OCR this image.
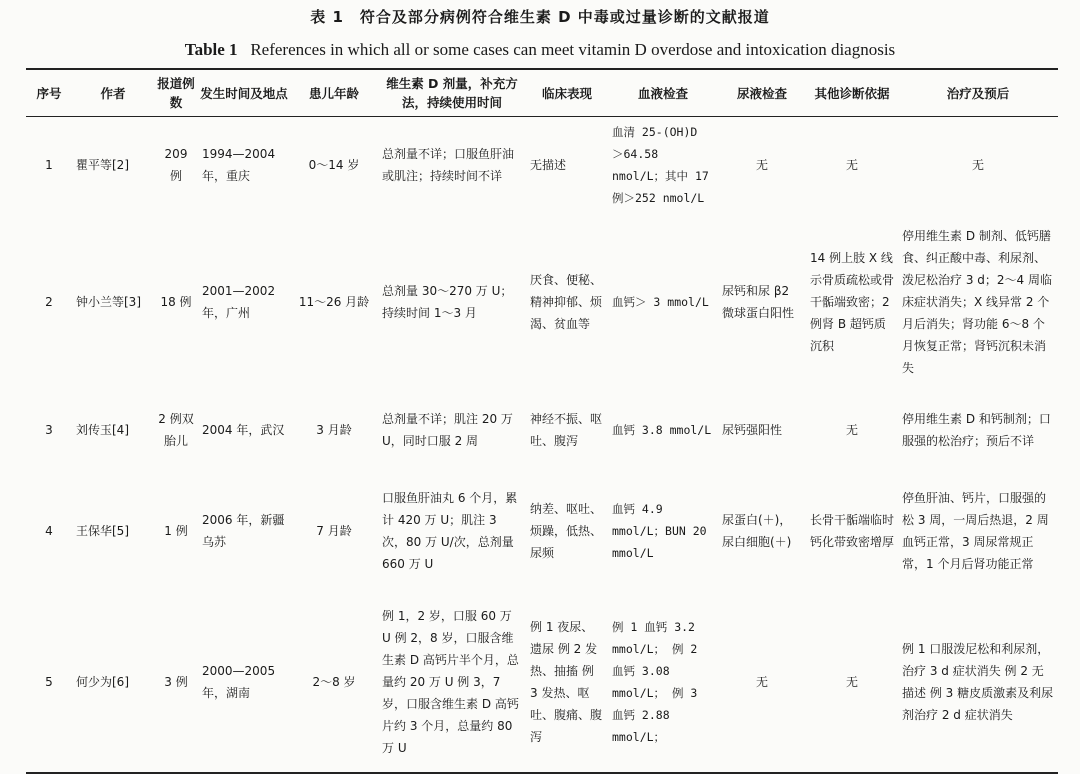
表 1　符合及部分病例符合维生素 D 中毒或过量诊断的文献报道
Table 1 References in which all or some cases can meet vitamin D overdose and intoxication diagnosis
序号	作者	报道例数	发生时间及地点	患儿年龄	维生素 D 剂量，补充方法，持续使用时间	临床表现	血液检查	尿液检查	其他诊断依据	治疗及预后
1	瞿平等[2]	209 例	1994—2004 年，重庆	0～14 岁	总剂量不详；口服鱼肝油或肌注；持续时间不详	无描述	血清 25-(OH)D ＞64.58 nmol/L；其中 17 例＞252 nmol/L	无	无	无
2	钟小兰等[3]	18 例	2001—2002 年，广州	11～26 月龄	总剂量 30～270 万 U；持续时间 1～3 月	厌食、便秘、精神抑郁、烦渴、贫血等	血钙＞ 3 mmol/L	尿钙和尿 β2 微球蛋白阳性	14 例上肢 X 线示骨质疏松或骨干骺端致密；2 例肾 B 超钙质沉积	停用维生素 D 制剂、低钙膳食、纠正酸中毒、利尿剂、泼尼松治疗 3 d；2～4 周临床症状消失；X 线异常 2 个月后消失；肾功能 6～8 个月恢复正常；肾钙沉积未消失
3	刘传玉[4]	2 例双胎儿	2004 年，武汉	3 月龄	总剂量不详；肌注 20 万 U，同时口服 2 周	神经不振、呕吐、腹泻	血钙 3.8 mmol/L	尿钙强阳性	无	停用维生素 D 和钙制剂；口服强的松治疗；预后不详
4	王保华[5]	1 例	2006 年，新疆乌苏	7 月龄	口服鱼肝油丸 6 个月，累计 420 万 U；肌注 3 次，80 万 U/次，总剂量 660 万 U	纳差、呕吐、烦躁，低热、尿频	血钙 4.9 mmol/L；BUN 20 mmol/L	尿蛋白(＋)，尿白细胞(＋)	长骨干骺端临时钙化带致密增厚	停鱼肝油、钙片，口服强的松 3 周，一周后热退，2 周血钙正常，3 周尿常规正常，1 个月后肾功能正常
5	何少为[6]	3 例	2000—2005 年，湖南	2～8 岁	例 1，2 岁，口服 60 万 U 例 2，8 岁，口服含维生素 D 高钙片半个月，总量约 20 万 U 例 3，7 岁，口服含维生素 D 高钙片约 3 个月，总量约 80 万 U	例 1 夜尿、遗尿 例 2 发热、抽搐 例 3 发热、呕吐、腹痛、腹泻	例 1 血钙 3.2 mmol/L； 例 2 血钙 3.08 mmol/L； 例 3 血钙 2.88 mmol/L；	无	无	例 1 口服泼尼松和利尿剂，治疗 3 d 症状消失 例 2 无描述 例 3 糖皮质激素及利尿剂治疗 2 d 症状消失
